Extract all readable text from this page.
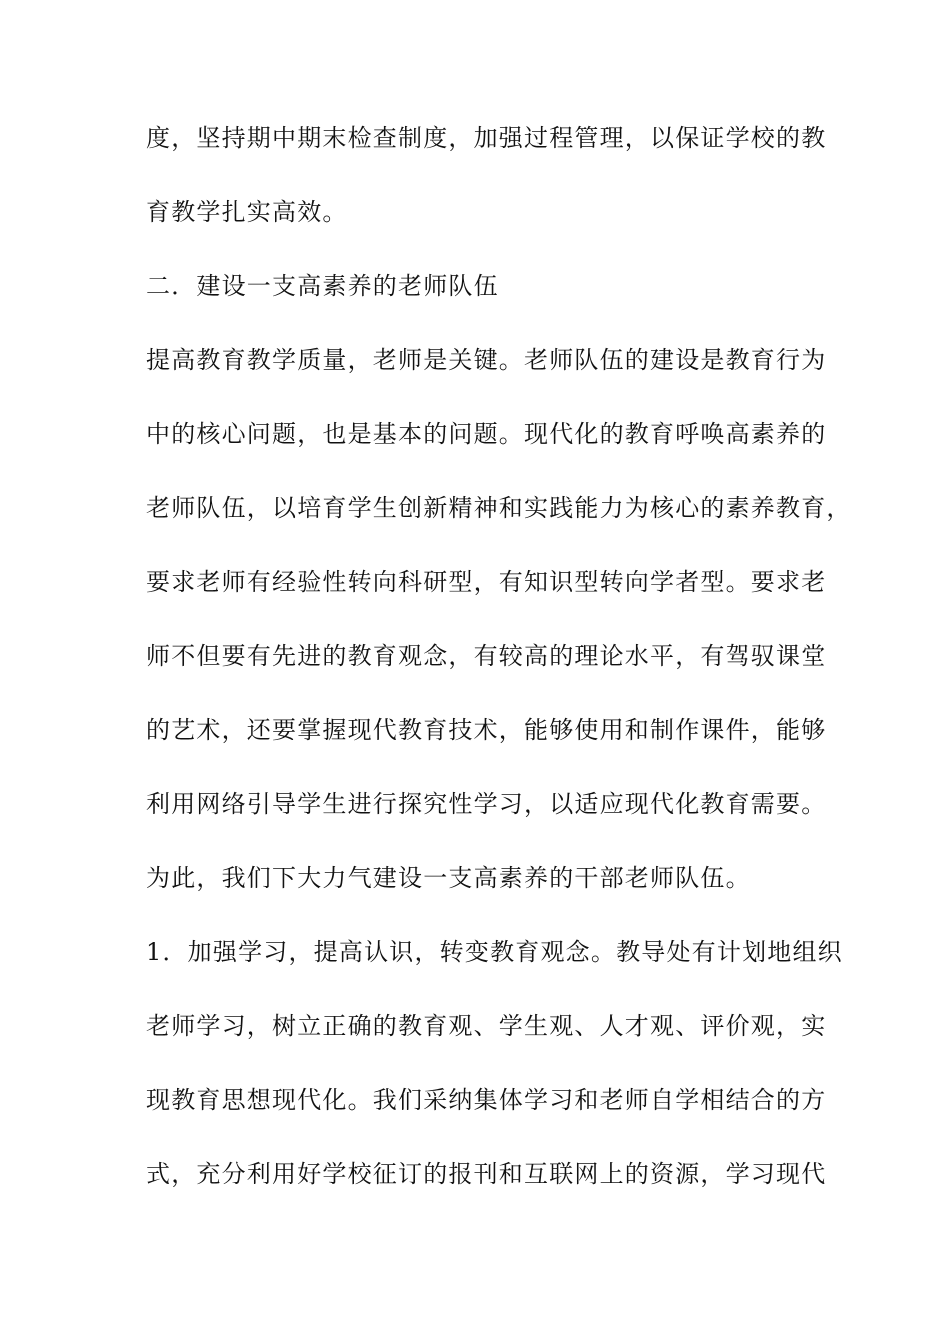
度，坚持期中期末检查制度，加强过程管理，以保证学校的教
育教学扎实高效。
二．建设一支高素养的老师队伍
提高教育教学质量，老师是关键。老师队伍的建设是教育行为
中的核心问题，也是基本的问题。现代化的教育呼唤高素养的
老师队伍，以培育学生创新精神和实践能力为核心的素养教育，
要求老师有经验性转向科研型，有知识型转向学者型。要求老
师不但要有先进的教育观念，有较高的理论水平，有驾驭课堂
的艺术，还要掌握现代教育技术，能够使用和制作课件，能够
利用网络引导学生进行探究性学习，以适应现代化教育需要。
为此，我们下大力气建设一支高素养的干部老师队伍。
1．加强学习，提高认识，转变教育观念。教导处有计划地组织
老师学习，树立正确的教育观、学生观、人才观、评价观，实
现教育思想现代化。我们采纳集体学习和老师自学相结合的方
式，充分利用好学校征订的报刊和互联网上的资源，学习现代
